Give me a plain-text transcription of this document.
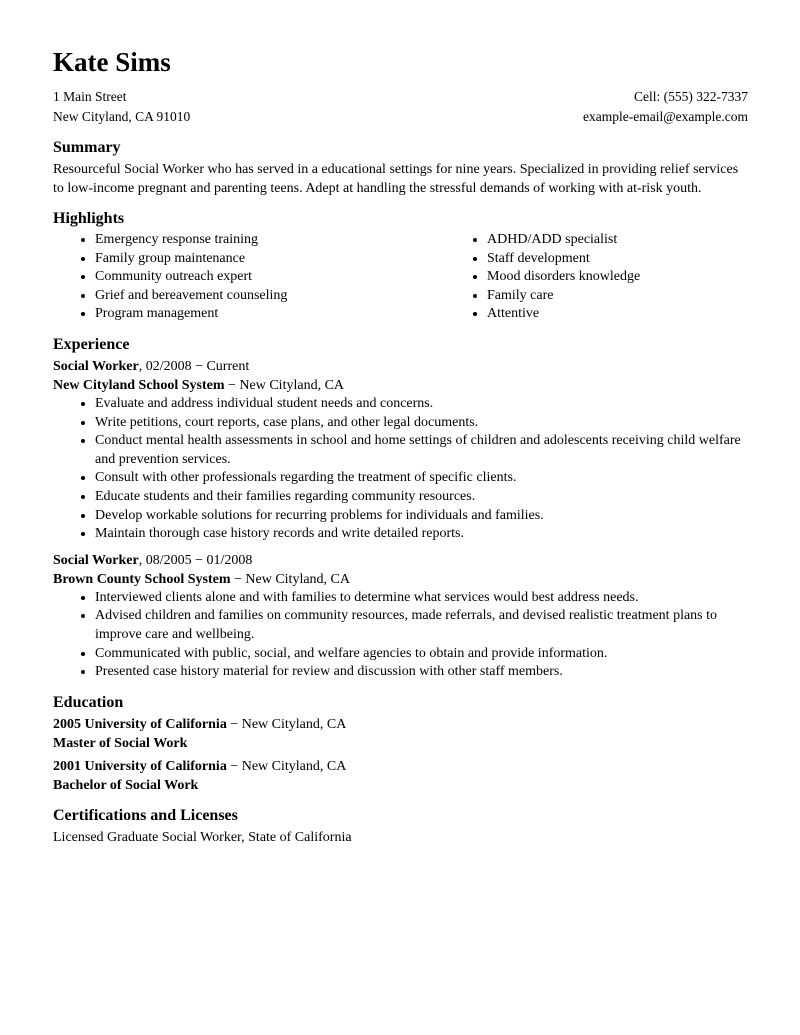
Kate Sims
1 Main Street
New Cityland, CA 91010
Cell: (555) 322-7337
example-email@example.com
Summary

Resourceful Social Worker who has served in a educational settings for nine years. Specialized in providing relief services to low-income pregnant and parenting teens. Adept at handling the stressful demands of working with at-risk youth.

Highlights
• Emergency response training
• Family group maintenance
• Community outreach expert
• Grief and bereavement counseling
• Program management
• ADHD/ADD specialist
• Staff development
• Mood disorders knowledge
• Family care
• Attentive
Experience

Social Worker, 02/2008 − Current

New Cityland School System − New Cityland, CA

• Evaluate and address individual student needs and concerns.
• Write petitions, court reports, case plans, and other legal documents.
• Conduct mental health assessments in school and home settings of children and adolescents receiving child welfare and prevention services.
• Consult with other professionals regarding the treatment of specific clients.
• Educate students and their families regarding community resources.
• Develop workable solutions for recurring problems for individuals and families.
• Maintain thorough case history records and write detailed reports.

Social Worker, 08/2005 − 01/2008

Brown County School System − New Cityland, CA

• Interviewed clients alone and with families to determine what services would best address needs.
• Advised children and families on community resources, made referrals, and devised realistic treatment plans to improve care and wellbeing.
• Communicated with public, social, and welfare agencies to obtain and provide information.
• Presented case history material for review and discussion with other staff members.
Education

2005 University of California − New Cityland, CA

Master of Social Work

2001 University of California − New Cityland, CA

Bachelor of Social Work

Certifications and Licenses

Licensed Graduate Social Worker, State of California
